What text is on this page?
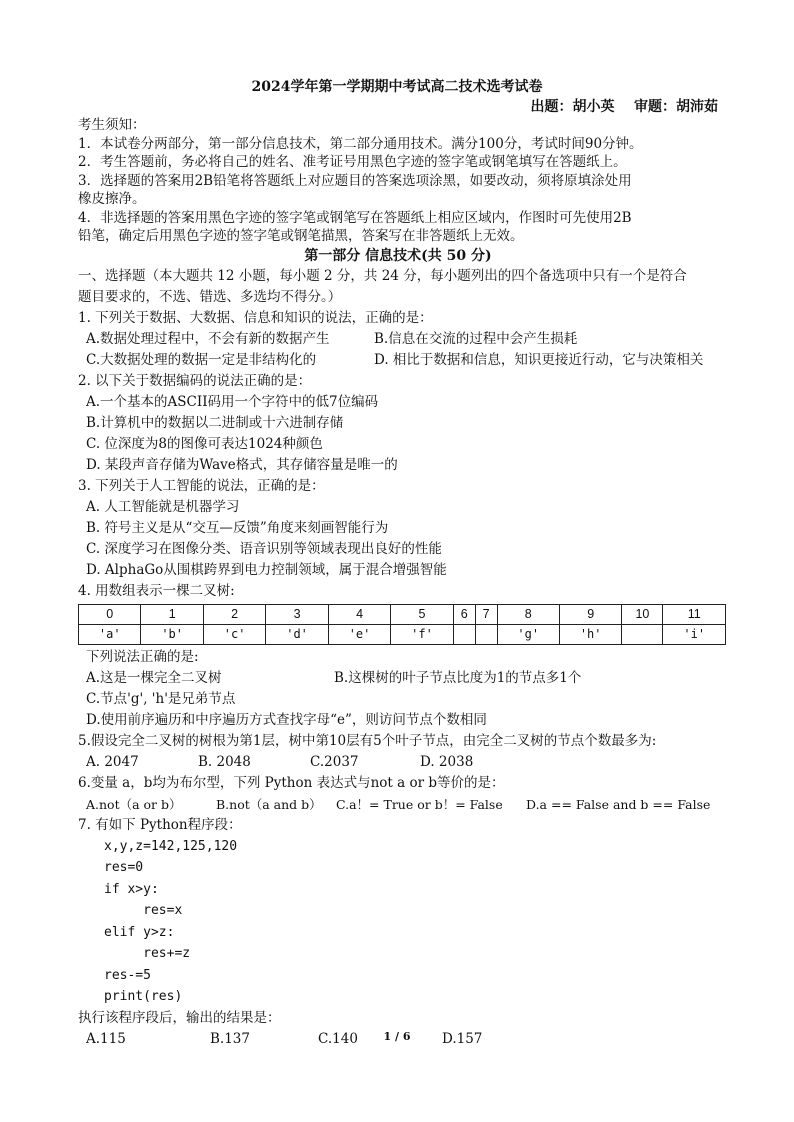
2024学年第一学期期中考试高二技术选考试卷
出题：胡小英    审题：胡沛茹
考生须知：
1．本试卷分两部分，第一部分信息技术，第二部分通用技术。满分100分，考试时间90分钟。
2．考生答题前，务必将自己的姓名、准考证号用黑色字迹的签字笔或钢笔填写在答题纸上。
3．选择题的答案用2B铅笔将答题纸上对应题目的答案选项涂黑，如要改动，须将原填涂处用
橡皮擦净。
4．非选择题的答案用黑色字迹的签字笔或钢笔写在答题纸上相应区域内，作图时可先使用2B
铅笔，确定后用黑色字迹的签字笔或钢笔描黑，答案写在非答题纸上无效。
第一部分 信息技术(共 50 分)
一、选择题（本大题共 12 小题，每小题 2 分，共 24 分，每小题列出的四个备选项中只有一个是符合
题目要求的，不选、错选、多选均不得分。）
1. 下列关于数据、大数据、信息和知识的说法，正确的是：
A.数据处理过程中，不会有新的数据产生	B.信息在交流的过程中会产生损耗
C.大数据处理的数据一定是非结构化的	D. 相比于数据和信息，知识更接近行动，它与决策相关
2. 以下关于数据编码的说法正确的是：
A.一个基本的ASCII码用一个字符中的低7位编码
B.计算机中的数据以二进制或十六进制存储
C. 位深度为8的图像可表达1024种颜色
D. 某段声音存储为Wave格式，其存储容量是唯一的
3. 下列关于人工智能的说法，正确的是：
A. 人工智能就是机器学习
B. 符号主义是从“交互—反馈”角度来刻画智能行为
C. 深度学习在图像分类、语音识别等领域表现出良好的性能
D. AlphaGo从围棋跨界到电力控制领域，属于混合增强智能
4. 用数组表示一棵二叉树:
0	1	2	3	4	5	6	7	8	9	10	11
'a'	'b'	'c'	'd'	'e'	'f'			'g'	'h'		'i'
下列说法正确的是:
A.这是一棵完全二叉树	B.这棵树的叶子节点比度为1的节点多1个
C.节点'g', 'h'是兄弟节点
D.使用前序遍历和中序遍历方式查找字母“e”，则访问节点个数相同
5.假设完全二叉树的树根为第1层，树中第10层有5个叶子节点，由完全二叉树的节点个数最多为:
A. 2047	B. 2048	C.2037	D. 2038
6.变量 a，b均为布尔型，下列 Python 表达式与not a or b等价的是：
A.not（a or b）	B.not（a and b）	C.a！= True or b！= False	D.a == False and b == False
7. 有如下 Python程序段：
x,y,z=142,125,120
res=0
if x>y:
res=x
elif y>z:
res+=z
res-=5
print(res)
执行该程序段后，输出的结果是：
A.115	B.137	C.140	D.157
1 / 6
